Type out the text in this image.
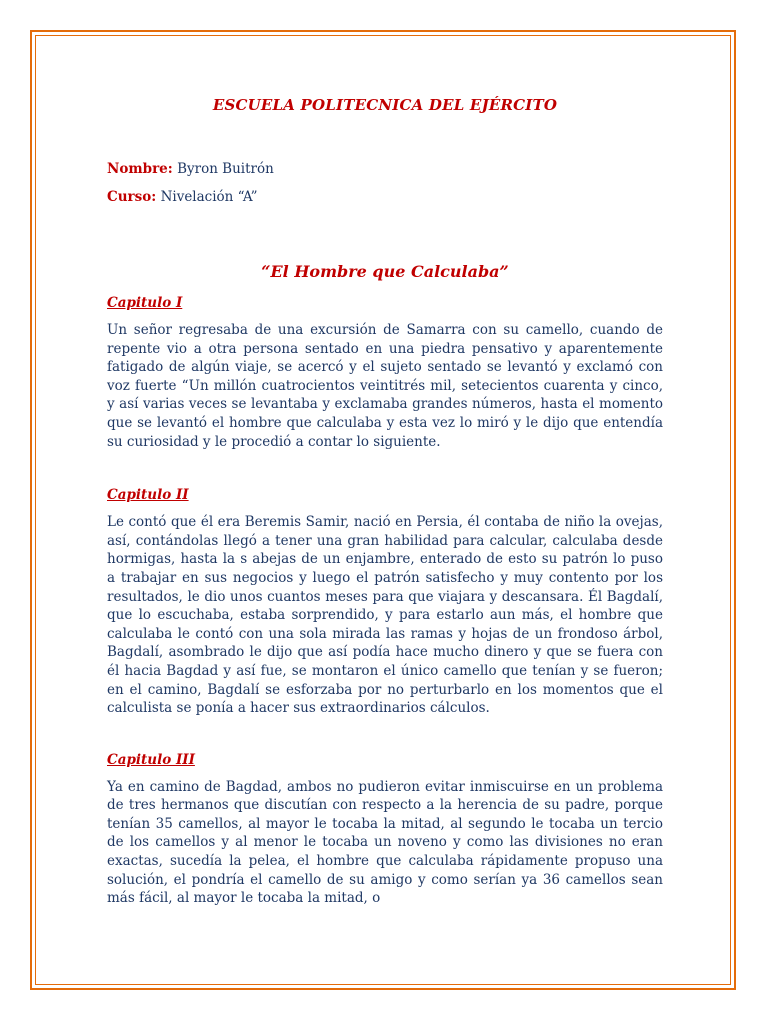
ESCUELA POLITECNICA DEL EJÉRCITO
Nombre: Byron Buitrón
Curso: Nivelación “A”
“El Hombre que Calculaba”
Capitulo I

Un señor regresaba de una excursión de Samarra con su camello, cuando de repente vio a otra persona sentado en una piedra pensativo y aparentemente fatigado de algún viaje, se acercó y el sujeto sentado se levantó y exclamó con voz fuerte “Un millón cuatrocientos veintitrés mil, setecientos cuarenta y cinco, y así varias veces se levantaba y exclamaba grandes números, hasta el momento que se levantó el hombre que calculaba y esta vez lo miró y le dijo que entendía su curiosidad y le procedió a contar lo siguiente.

Capitulo II

Le contó que él era Beremis Samir, nació en Persia, él contaba de niño la ovejas, así, contándolas llegó a tener una gran habilidad para calcular, calculaba desde hormigas, hasta la s abejas de un enjambre, enterado de esto su patrón lo puso a trabajar en sus negocios y luego el patrón satisfecho y muy contento por los resultados, le dio unos cuantos meses para que viajara y descansara. Él Bagdalí, que lo escuchaba, estaba sorprendido, y para estarlo aun más, el hombre que calculaba le contó con una sola mirada las ramas y hojas de un frondoso árbol, Bagdalí, asombrado le dijo que así podía hace mucho dinero y que se fuera con él hacia Bagdad y así fue, se montaron el único camello que tenían y se fueron; en el camino, Bagdalí se esforzaba por no perturbarlo en los momentos que el calculista se ponía a hacer sus extraordinarios cálculos.

Capitulo III

Ya en camino de Bagdad, ambos no pudieron evitar inmiscuirse en un problema de tres hermanos que discutían con respecto a la herencia de su padre, porque tenían 35 camellos, al mayor le tocaba la mitad, al segundo le tocaba un tercio de los camellos y al menor le tocaba un noveno y como las divisiones no eran exactas, sucedía la pelea, el hombre que calculaba rápidamente propuso una solución, el pondría el camello de su amigo y como serían ya 36 camellos sean más fácil, al mayor le tocaba la mitad, o
